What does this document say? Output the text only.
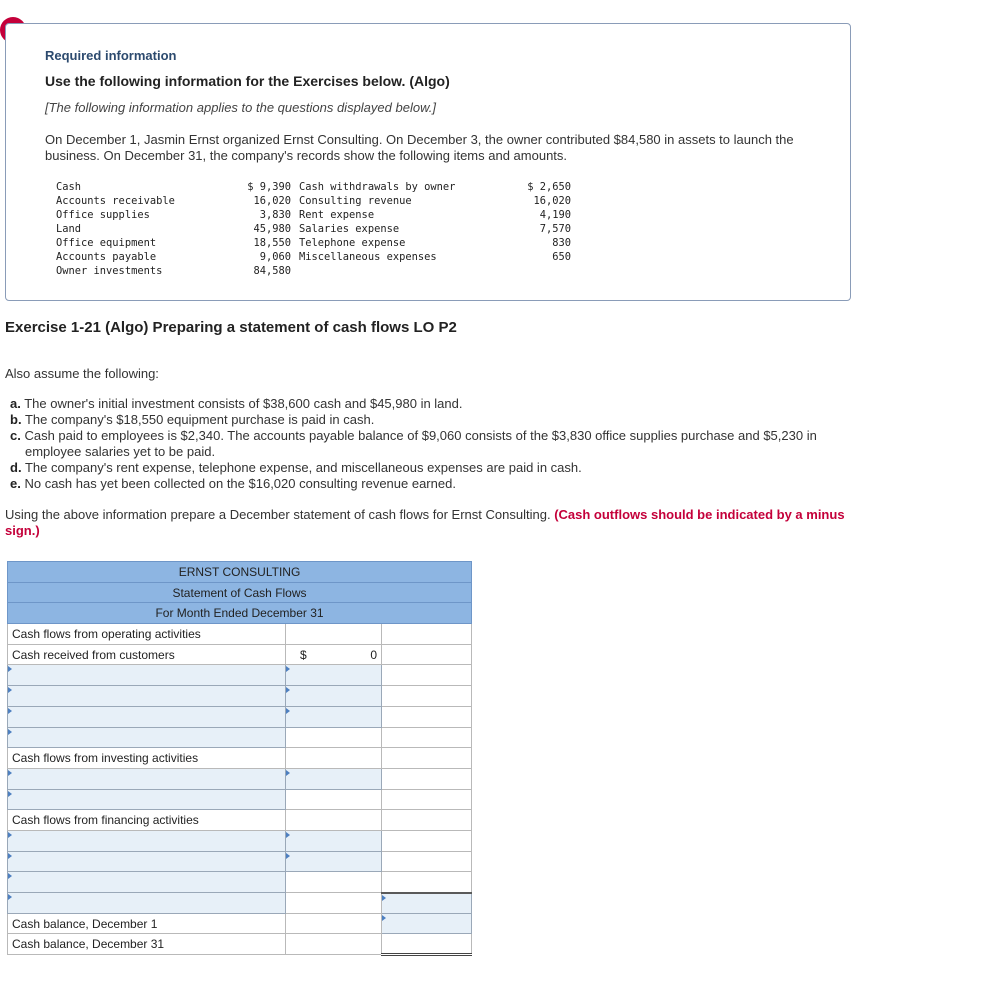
Required information
Use the following information for the Exercises below. (Algo)
[The following information applies to the questions displayed below.]
On December 1, Jasmin Ernst organized Ernst Consulting. On December 3, the owner contributed $84,580 in assets to launch the business. On December 31, the company's records show the following items and amounts.
Cash	$ 9,390	Cash withdrawals by owner	$ 2,650
Accounts receivable	16,020	Consulting revenue	16,020
Office supplies	3,830	Rent expense	4,190
Land	45,980	Salaries expense	7,570
Office equipment	18,550	Telephone expense	830
Accounts payable	9,060	Miscellaneous expenses	650
Owner investments	84,580		
Exercise 1-21 (Algo) Preparing a statement of cash flows LO P2
Also assume the following:
a. The owner's initial investment consists of $38,600 cash and $45,980 in land.
b. The company's $18,550 equipment purchase is paid in cash.
c. Cash paid to employees is $2,340. The accounts payable balance of $9,060 consists of the $3,830 office supplies purchase and $5,230 in employee salaries yet to be paid.
d. The company's rent expense, telephone expense, and miscellaneous expenses are paid in cash.
e. No cash has yet been collected on the $16,020 consulting revenue earned.
Using the above information prepare a December statement of cash flows for Ernst Consulting. (Cash outflows should be indicated by a minus sign.)
ERNST CONSULTING		
Statement of Cash Flows		
For Month Ended December 31		
Cash flows from operating activities		
Cash received from customers	$ 0	

Cash flows from investing activities		

Cash flows from financing activities		

Cash balance, December 1		

Cash balance, December 31		
